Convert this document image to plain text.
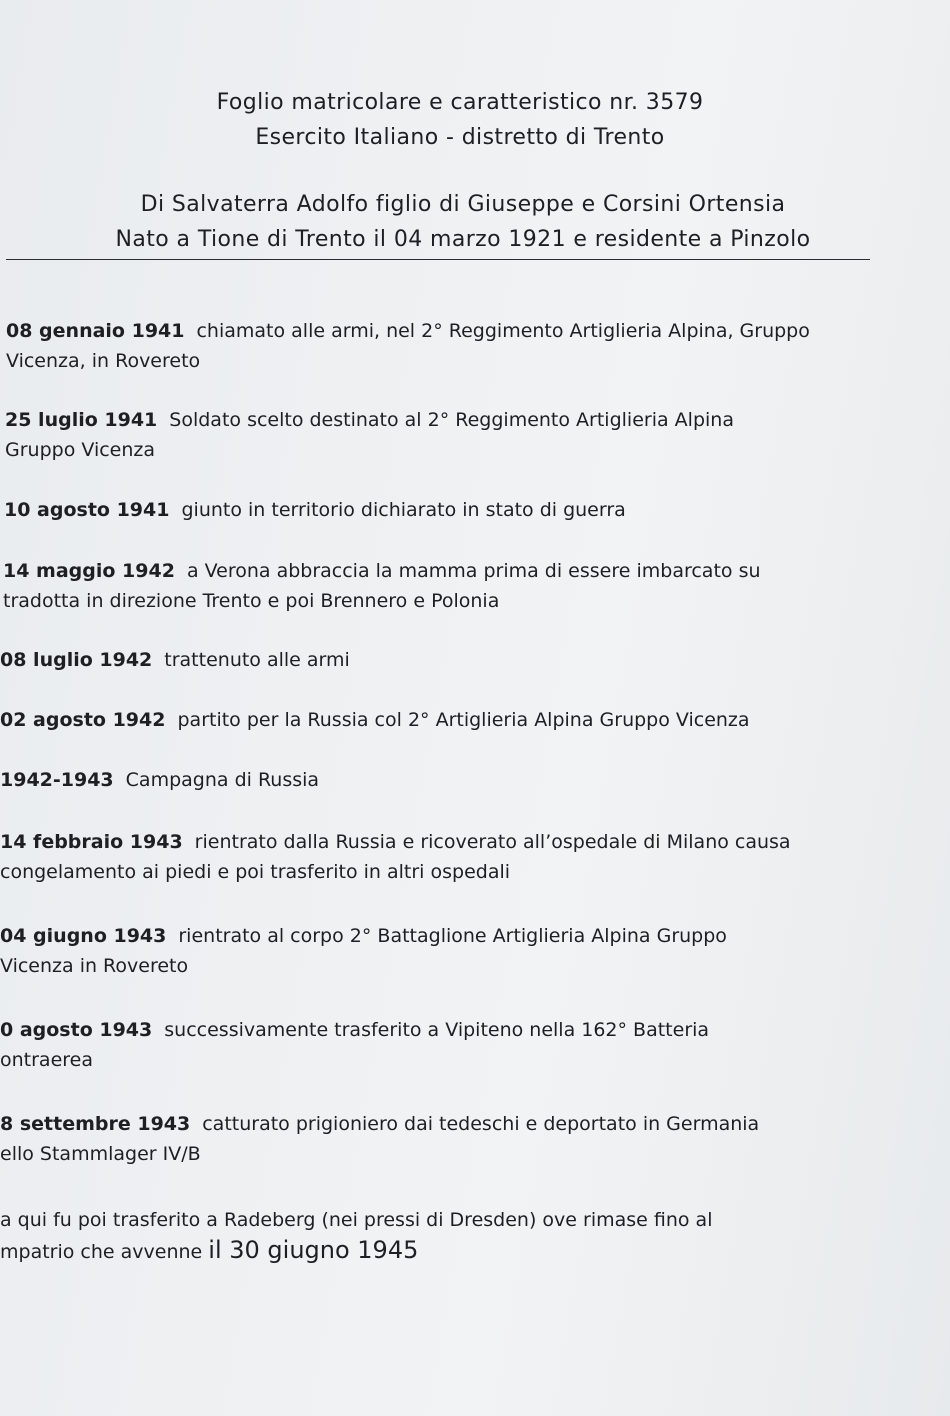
Foglio matricolare e caratteristico nr. 3579
Esercito Italiano - distretto di Trento
Di Salvaterra Adolfo figlio di Giuseppe e Corsini Ortensia
Nato a Tione di Trento il 04 marzo 1921 e residente a Pinzolo
08 gennaio 1941 chiamato alle armi, nel 2° Reggimento Artiglieria Alpina, Gruppo
Vicenza, in Rovereto
25 luglio 1941 Soldato scelto destinato al 2° Reggimento Artiglieria Alpina
Gruppo Vicenza
10 agosto 1941 giunto in territorio dichiarato in stato di guerra
14 maggio 1942 a Verona abbraccia la mamma prima di essere imbarcato su
tradotta in direzione Trento e poi Brennero e Polonia
08 luglio 1942 trattenuto alle armi
02 agosto 1942 partito per la Russia col 2° Artiglieria Alpina Gruppo Vicenza
1942-1943 Campagna di Russia
14 febbraio 1943 rientrato dalla Russia e ricoverato all’ospedale di Milano causa
congelamento ai piedi e poi trasferito in altri ospedali
04 giugno 1943 rientrato al corpo 2° Battaglione Artiglieria Alpina Gruppo
Vicenza in Rovereto
0 agosto 1943 successivamente trasferito a Vipiteno nella 162° Batteria
ontraerea
8 settembre 1943 catturato prigioniero dai tedeschi e deportato in Germania
ello Stammlager IV/B
a qui fu poi trasferito a Radeberg (nei pressi di Dresden) ove rimase fino al
mpatrio che avvenne il 30 giugno 1945
